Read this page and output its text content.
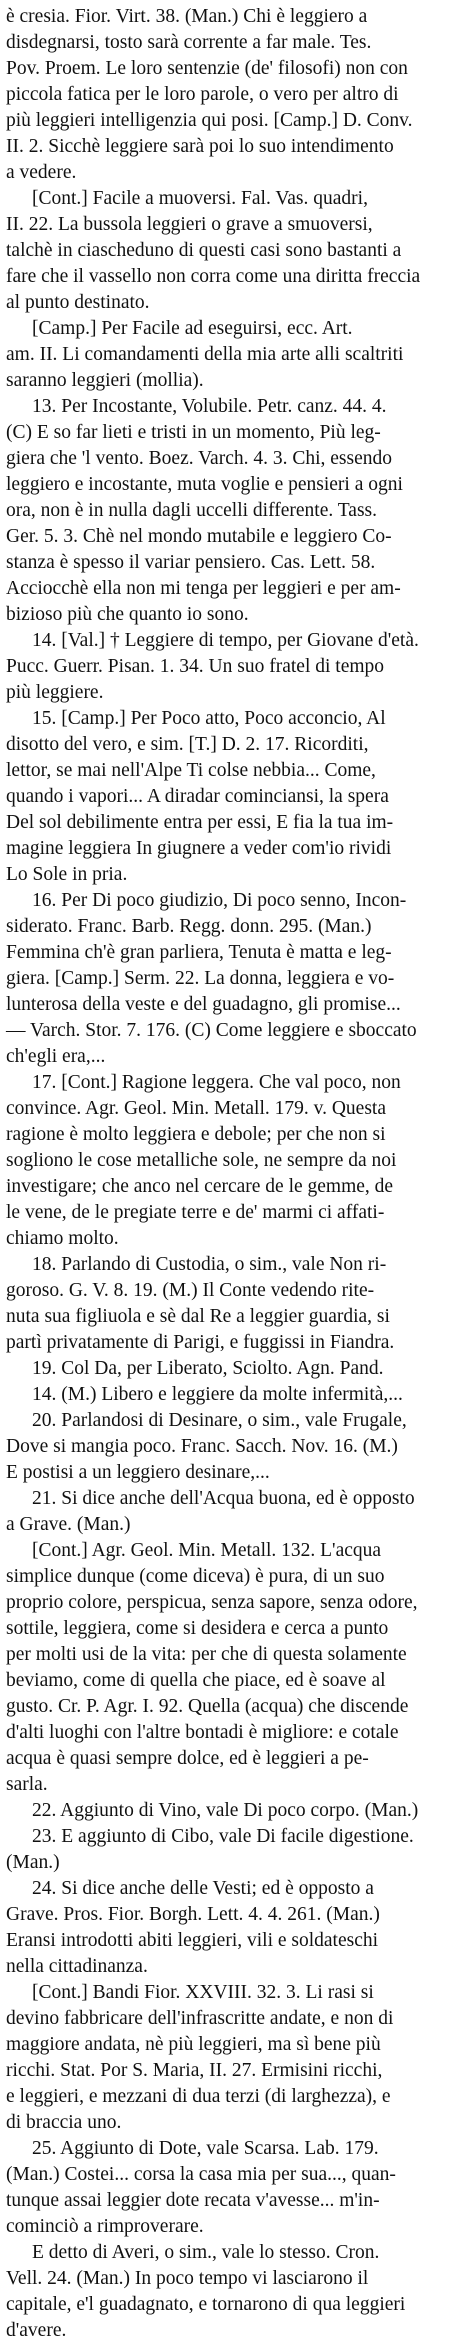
è cresia. Fior. Virt. 38. (Man.) Chi è leggiero a
disdegnarsi, tosto sarà corrente a far male. Tes.
Pov. Proem. Le loro sentenzie (de' filosofi) non con
piccola fatica per le loro parole, o vero per altro di
più leggieri intelligenzia qui posi. [Camp.] D. Conv.
II. 2. Sicchè leggiere sarà poi lo suo intendimento
a vedere.
[Cont.] Facile a muoversi. Fal. Vas. quadri,
II. 22. La bussola leggieri o grave a smuoversi,
talchè in ciascheduno di questi casi sono bastanti a
fare che il vassello non corra come una diritta freccia
al punto destinato.
[Camp.] Per Facile ad eseguirsi, ecc. Art.
am. II. Li comandamenti della mia arte alli scaltriti
saranno leggieri (mollia).
13. Per Incostante, Volubile. Petr. canz. 44. 4.
(C) E so far lieti e tristi in un momento, Più leg-
giera che 'l vento. Boez. Varch. 4. 3. Chi, essendo
leggiero e incostante, muta voglie e pensieri a ogni
ora, non è in nulla dagli uccelli differente. Tass.
Ger. 5. 3. Chè nel mondo mutabile e leggiero Co-
stanza è spesso il variar pensiero. Cas. Lett. 58.
Acciocchè ella non mi tenga per leggieri e per am-
bizioso più che quanto io sono.
14. [Val.] † Leggiere di tempo, per Giovane d'età.
Pucc. Guerr. Pisan. 1. 34. Un suo fratel di tempo
più leggiere.
15. [Camp.] Per Poco atto, Poco acconcio, Al
disotto del vero, e sim. [T.] D. 2. 17. Ricorditi,
lettor, se mai nell'Alpe Ti colse nebbia... Come,
quando i vapori... A diradar cominciansi, la spera
Del sol debilimente entra per essi, E fia la tua im-
magine leggiera In giugnere a veder com'io rividi
Lo Sole in pria.
16. Per Di poco giudizio, Di poco senno, Incon-
siderato. Franc. Barb. Regg. donn. 295. (Man.)
Femmina ch'è gran parliera, Tenuta è matta e leg-
giera. [Camp.] Serm. 22. La donna, leggiera e vo-
lunterosa della veste e del guadagno, gli promise...
— Varch. Stor. 7. 176. (C) Come leggiere e sboccato
ch'egli era,...
17. [Cont.] Ragione leggera. Che val poco, non
convince. Agr. Geol. Min. Metall. 179. v. Questa
ragione è molto leggiera e debole; per che non si
sogliono le cose metalliche sole, ne sempre da noi
investigare; che anco nel cercare de le gemme, de
le vene, de le pregiate terre e de' marmi ci affati-
chiamo molto.
18. Parlando di Custodia, o sim., vale Non ri-
goroso. G. V. 8. 19. (M.) Il Conte vedendo rite-
nuta sua figliuola e sè dal Re a leggier guardia, si
partì privatamente di Parigi, e fuggissi in Fiandra.
19. Col Da, per Liberato, Sciolto. Agn. Pand.
14. (M.) Libero e leggiere da molte infermità,...
20. Parlandosi di Desinare, o sim., vale Frugale,
Dove si mangia poco. Franc. Sacch. Nov. 16. (M.)
E postisi a un leggiero desinare,...
21. Si dice anche dell'Acqua buona, ed è opposto
a Grave. (Man.)
[Cont.] Agr. Geol. Min. Metall. 132. L'acqua
simplice dunque (come diceva) è pura, di un suo
proprio colore, perspicua, senza sapore, senza odore,
sottile, leggiera, come si desidera e cerca a punto
per molti usi de la vita: per che di questa solamente
beviamo, come di quella che piace, ed è soave al
gusto. Cr. P. Agr. I. 92. Quella (acqua) che discende
d'alti luoghi con l'altre bontadi è migliore: e cotale
acqua è quasi sempre dolce, ed è leggieri a pe-
sarla.
22. Aggiunto di Vino, vale Di poco corpo. (Man.)
23. E aggiunto di Cibo, vale Di facile digestione.
(Man.)
24. Si dice anche delle Vesti; ed è opposto a
Grave. Pros. Fior. Borgh. Lett. 4. 4. 261. (Man.)
Eransi introdotti abiti leggieri, vili e soldateschi
nella cittadinanza.
[Cont.] Bandi Fior. XXVIII. 32. 3. Li rasi si
devino fabbricare dell'infrascritte andate, e non di
maggiore andata, nè più leggieri, ma sì bene più
ricchi. Stat. Por S. Maria, II. 27. Ermisini ricchi,
e leggieri, e mezzani di dua terzi (di larghezza), e
di braccia uno.
25. Aggiunto di Dote, vale Scarsa. Lab. 179.
(Man.) Costei... corsa la casa mia per sua..., quan-
tunque assai leggier dote recata v'avesse... m'in-
cominciò a rimproverare.
E detto di Averi, o sim., vale lo stesso. Cron.
Vell. 24. (Man.) In poco tempo vi lasciarono il
capitale, e'l guadagnato, e tornarono di qua leggieri
d'avere.
